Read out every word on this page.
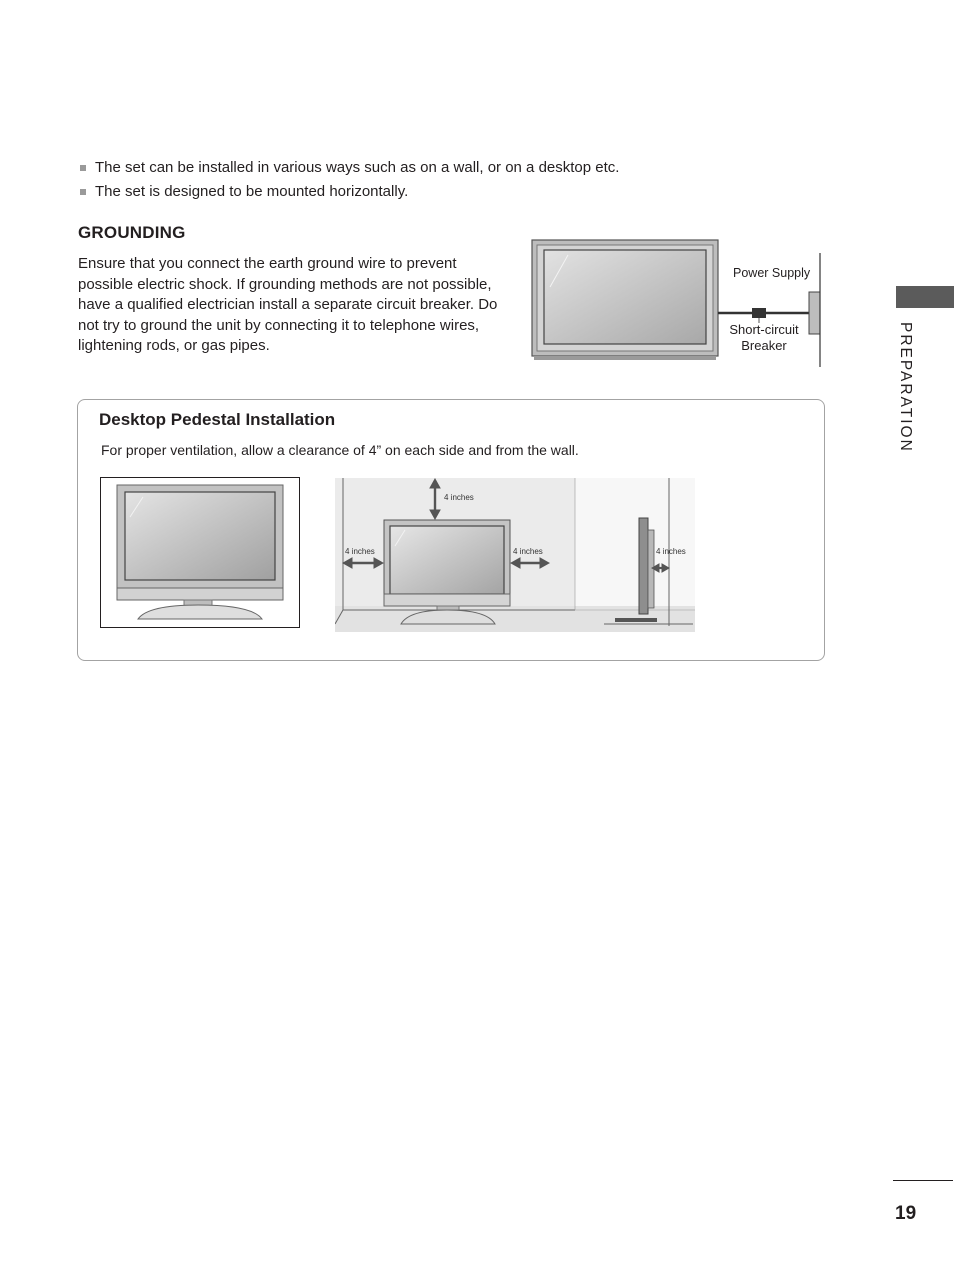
The set can be installed in various ways such as on a wall, or on a desktop etc.
The set is designed to be mounted horizontally.
GROUNDING

Ensure that you connect the earth ground wire to prevent possible electric shock. If grounding methods are not possible, have a qualified electrician install a separate circuit breaker. Do not try to ground the unit by connecting it to telephone wires, lightening rods, or gas pipes.

Power Supply
Short-circuit
Breaker
Desktop Pedestal Installation

For proper ventilation, allow a clearance of 4” on each side and from the wall.

4 inches
4 inches	4 inches	4 inches
PREPARATION
19
